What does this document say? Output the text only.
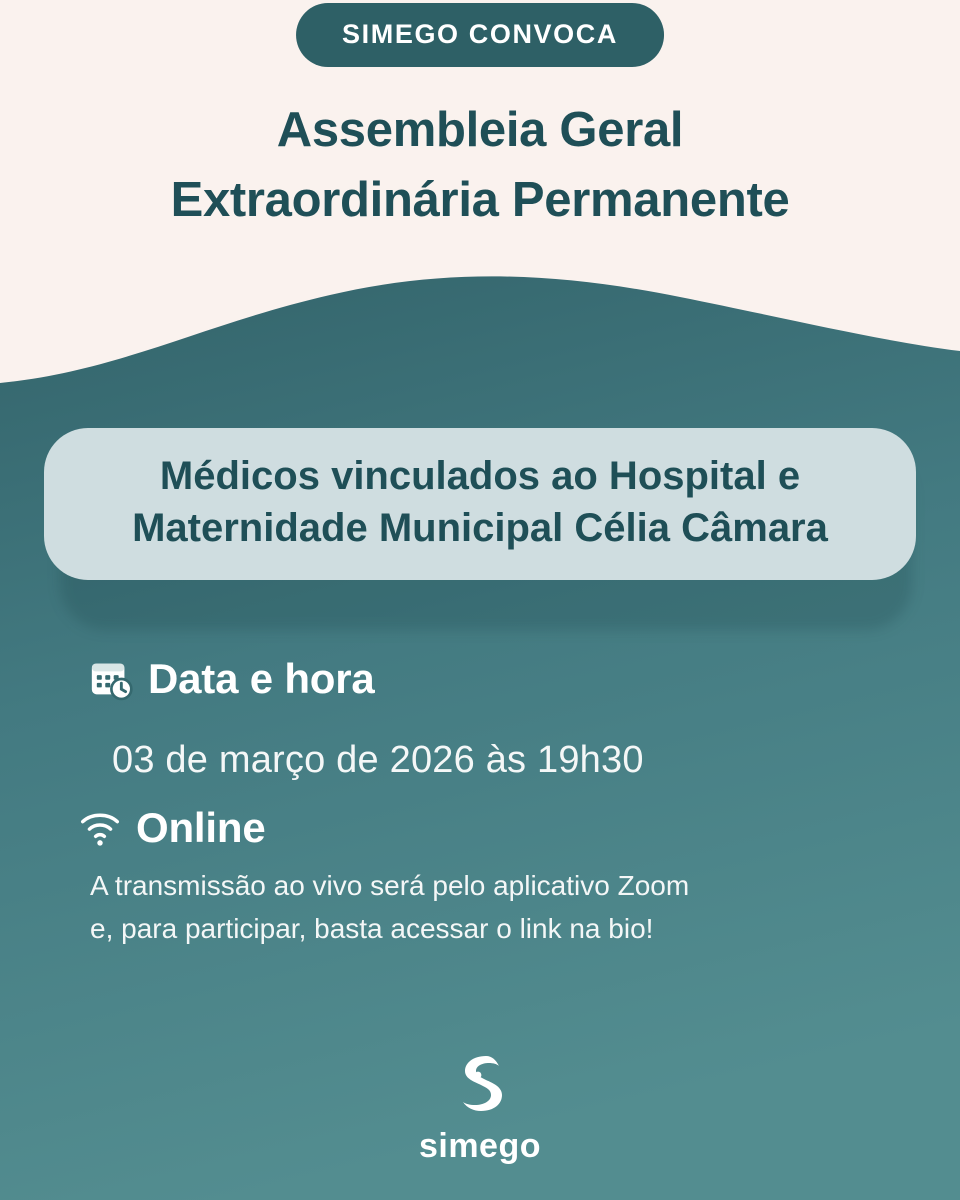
SIMEGO CONVOCA
Assembleia Geral
Extraordinária Permanente
Médicos vinculados ao Hospital e Maternidade Municipal Célia Câmara
Data e hora
03 de março de 2026 às 19h30
Online
A transmissão ao vivo será pelo aplicativo Zoom
e, para participar, basta acessar o link na bio!
simego
